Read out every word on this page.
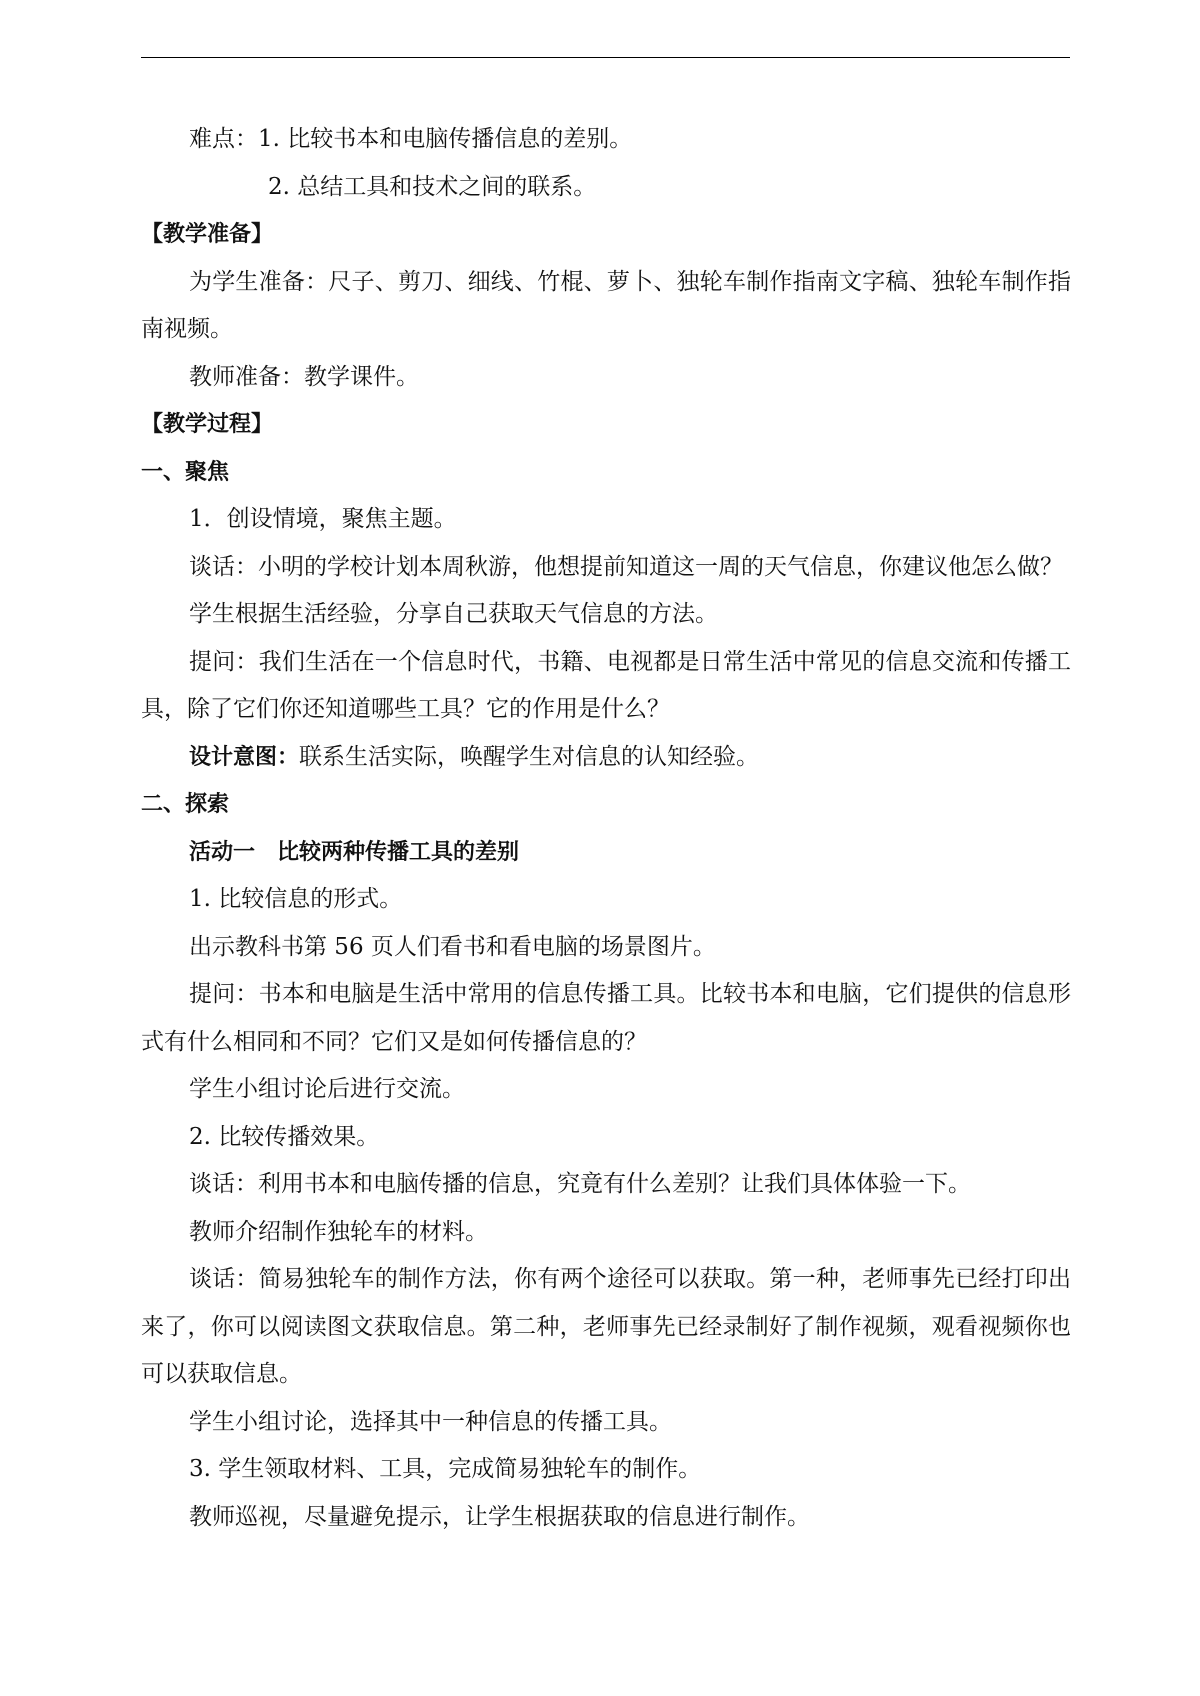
难点：1. 比较书本和电脑传播信息的差别。

2. 总结工具和技术之间的联系。

【教学准备】

为学生准备：尺子、剪刀、细线、竹棍、萝卜、独轮车制作指南文字稿、独轮车制作指南视频。

教师准备：教学课件。

【教学过程】

一、聚焦

1．创设情境，聚焦主题。

谈话：小明的学校计划本周秋游，他想提前知道这一周的天气信息，你建议他怎么做？

学生根据生活经验，分享自己获取天气信息的方法。

提问：我们生活在一个信息时代，书籍、电视都是日常生活中常见的信息交流和传播工具，除了它们你还知道哪些工具？它的作用是什么？

设计意图：联系生活实际，唤醒学生对信息的认知经验。

二、探索

活动一 比较两种传播工具的差别

1. 比较信息的形式。

出示教科书第 56 页人们看书和看电脑的场景图片。

提问：书本和电脑是生活中常用的信息传播工具。比较书本和电脑，它们提供的信息形式有什么相同和不同？它们又是如何传播信息的？

学生小组讨论后进行交流。

2. 比较传播效果。

谈话：利用书本和电脑传播的信息，究竟有什么差别？让我们具体体验一下。

教师介绍制作独轮车的材料。

谈话：简易独轮车的制作方法，你有两个途径可以获取。第一种，老师事先已经打印出来了，你可以阅读图文获取信息。第二种，老师事先已经录制好了制作视频，观看视频你也可以获取信息。

学生小组讨论，选择其中一种信息的传播工具。

3. 学生领取材料、工具，完成简易独轮车的制作。

教师巡视，尽量避免提示，让学生根据获取的信息进行制作。
